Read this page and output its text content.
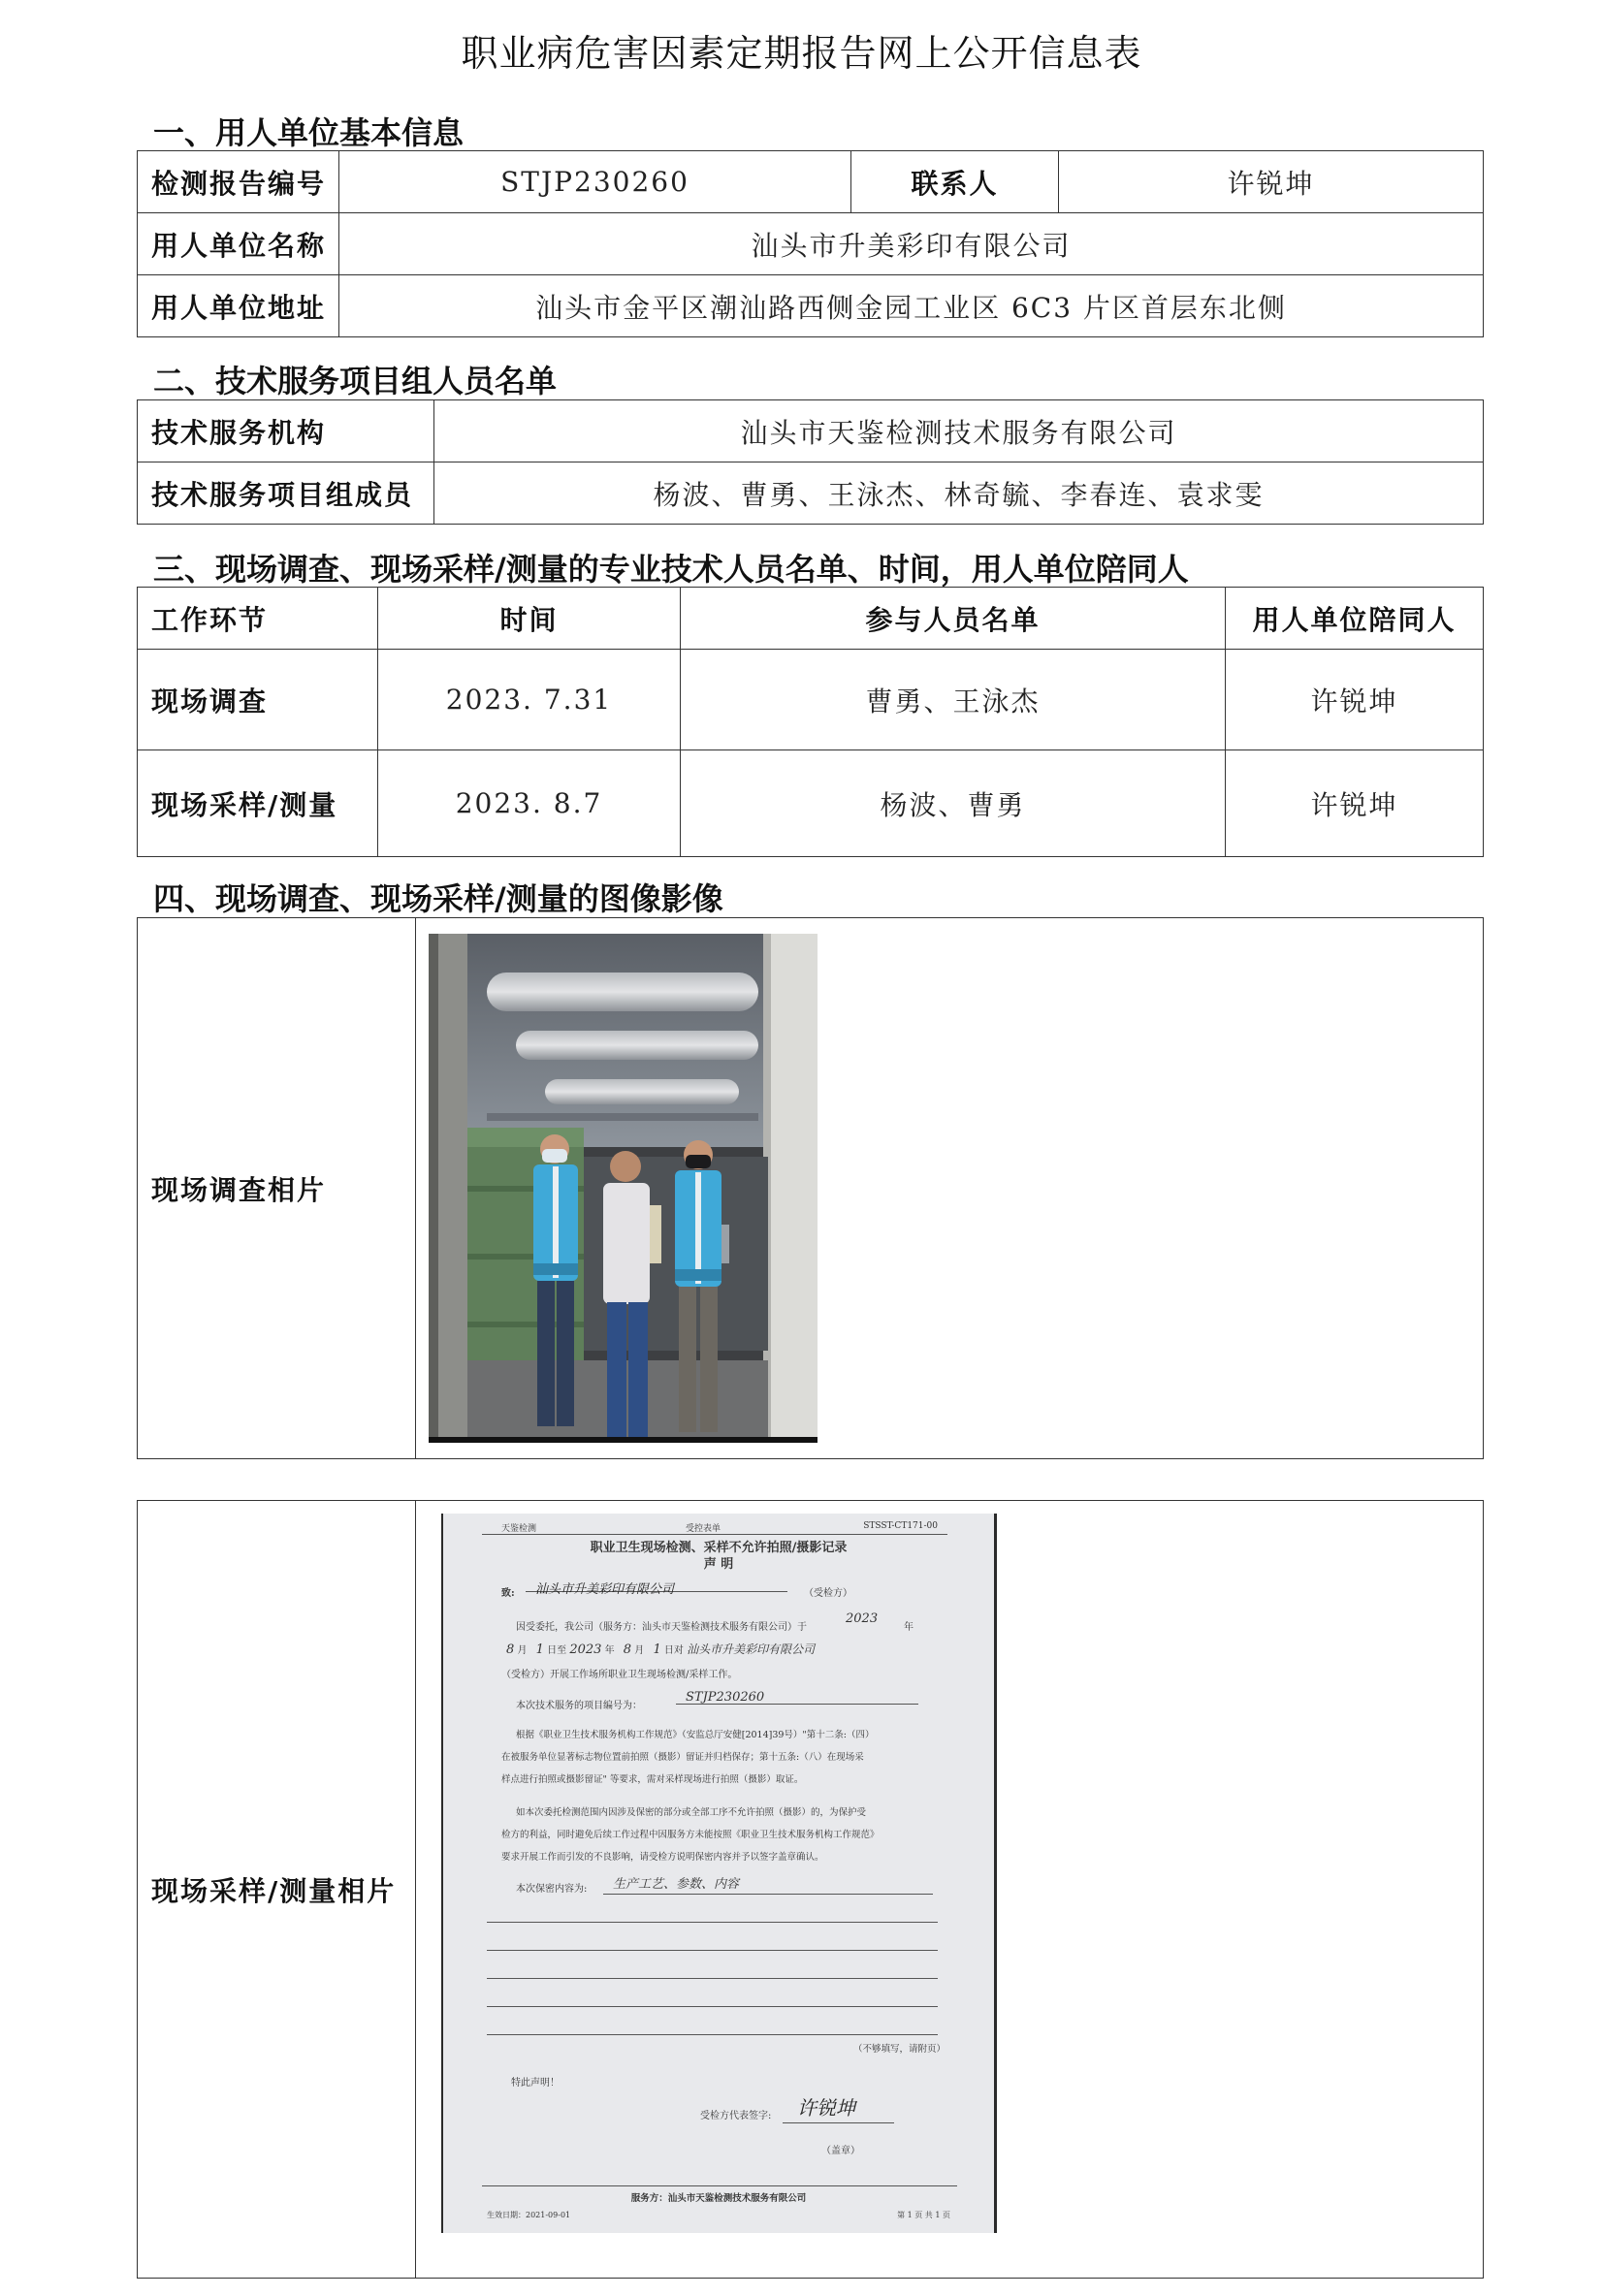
职业病危害因素定期报告网上公开信息表
一、用人单位基本信息
检测报告编号	STJP230260	联系人	许锐坤
用人单位名称	汕头市升美彩印有限公司		
用人单位地址	汕头市金平区潮汕路西侧金园工业区 6C3 片区首层东北侧		
二、技术服务项目组人员名单
技术服务机构	汕头市天鉴检测技术服务有限公司
技术服务项目组成员	杨波、曹勇、王泳杰、林奇毓、李春连、袁求雯
三、现场调查、现场采样/测量的专业技术人员名单、时间，用人单位陪同人
工作环节	时间	参与人员名单	用人单位陪同人
现场调查	2023. 7.31	曹勇、王泳杰	许锐坤
现场采样/测量	2023. 8.7	杨波、曹勇	许锐坤
四、现场调查、现场采样/测量的图像影像
现场调查相片	
现场采样/测量相片	
天鉴检测	受控表单	STSST-CT171-00
职业卫生现场检测、采样不允许拍照/摄影记录
声 明
致: 汕头市升美彩印有限公司	（受检方）
因受委托，我公司（服务方：汕头市天鉴检测技术服务有限公司）于
2023
年
8 月 1 日至 2023 年 8 月 1 日对 汕头市升美彩印有限公司
（受检方）开展工作场所职业卫生现场检测/采样工作。
本次技术服务的项目编号为：
STJP230260
根据《职业卫生技术服务机构工作规范》（安监总厅安健[2014]39号）"第十二条:（四）
在被服务单位显著标志物位置前拍照（摄影）留证并归档保存；第十五条:（八）在现场采
样点进行拍照或摄影留证" 等要求，需对采样现场进行拍照（摄影）取证。
如本次委托检测范围内因涉及保密的部分或全部工序不允许拍照（摄影）的，为保护受
检方的利益，同时避免后续工作过程中因服务方未能按照《职业卫生技术服务机构工作规范》
要求开展工作而引发的不良影响，请受检方说明保密内容并予以签字盖章确认。
本次保密内容为: 生产工艺、参数、内容
（不够填写，请附页）
特此声明！
受检方代表签字: 许锐坤
（盖章）
服务方：汕头市天鉴检测技术服务有限公司
生效日期：2021-09-01	第 1 页 共 1 页
